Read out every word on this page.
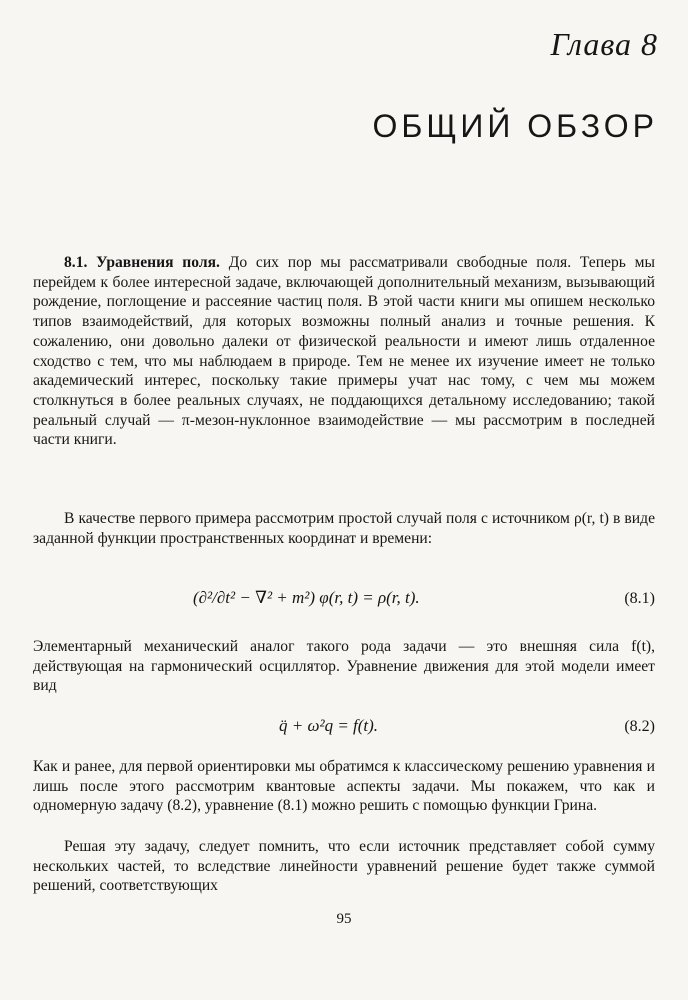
Глава 8
ОБЩИЙ ОБЗОР
8.1. Уравнения поля. До сих пор мы рассматривали свободные поля. Теперь мы перейдем к более интересной задаче, включающей дополнительный механизм, вызывающий рождение, поглощение и рассеяние частиц поля. В этой части книги мы опишем несколько типов взаимодействий, для которых возможны полный анализ и точные решения. К сожалению, они довольно далеки от физической реальности и имеют лишь отдаленное сходство с тем, что мы наблюдаем в природе. Тем не менее их изучение имеет не только академический интерес, поскольку такие примеры учат нас тому, с чем мы можем столкнуться в более реальных случаях, не поддающихся детальному исследованию; такой реальный случай — π-мезон-нуклонное взаимодействие — мы рассмотрим в последней части книги.
В качестве первого примера рассмотрим простой случай поля с источником ρ(r, t) в виде заданной функции пространственных координат и времени:
(∂²/∂t² − ∇² + m²) φ(r, t) = ρ(r, t).	(8.1)
Элементарный механический аналог такого рода задачи — это внешняя сила f(t), действующая на гармонический осциллятор. Уравнение движения для этой модели имеет вид
q̈ + ω²q = f(t).	(8.2)
Как и ранее, для первой ориентировки мы обратимся к классическому решению уравнения и лишь после этого рассмотрим квантовые аспекты задачи. Мы покажем, что как и одномерную задачу (8.2), уравнение (8.1) можно решить с помощью функции Грина.
Решая эту задачу, следует помнить, что если источник представляет собой сумму нескольких частей, то вследствие линейности уравнений решение будет также суммой решений, соответствующих
95
